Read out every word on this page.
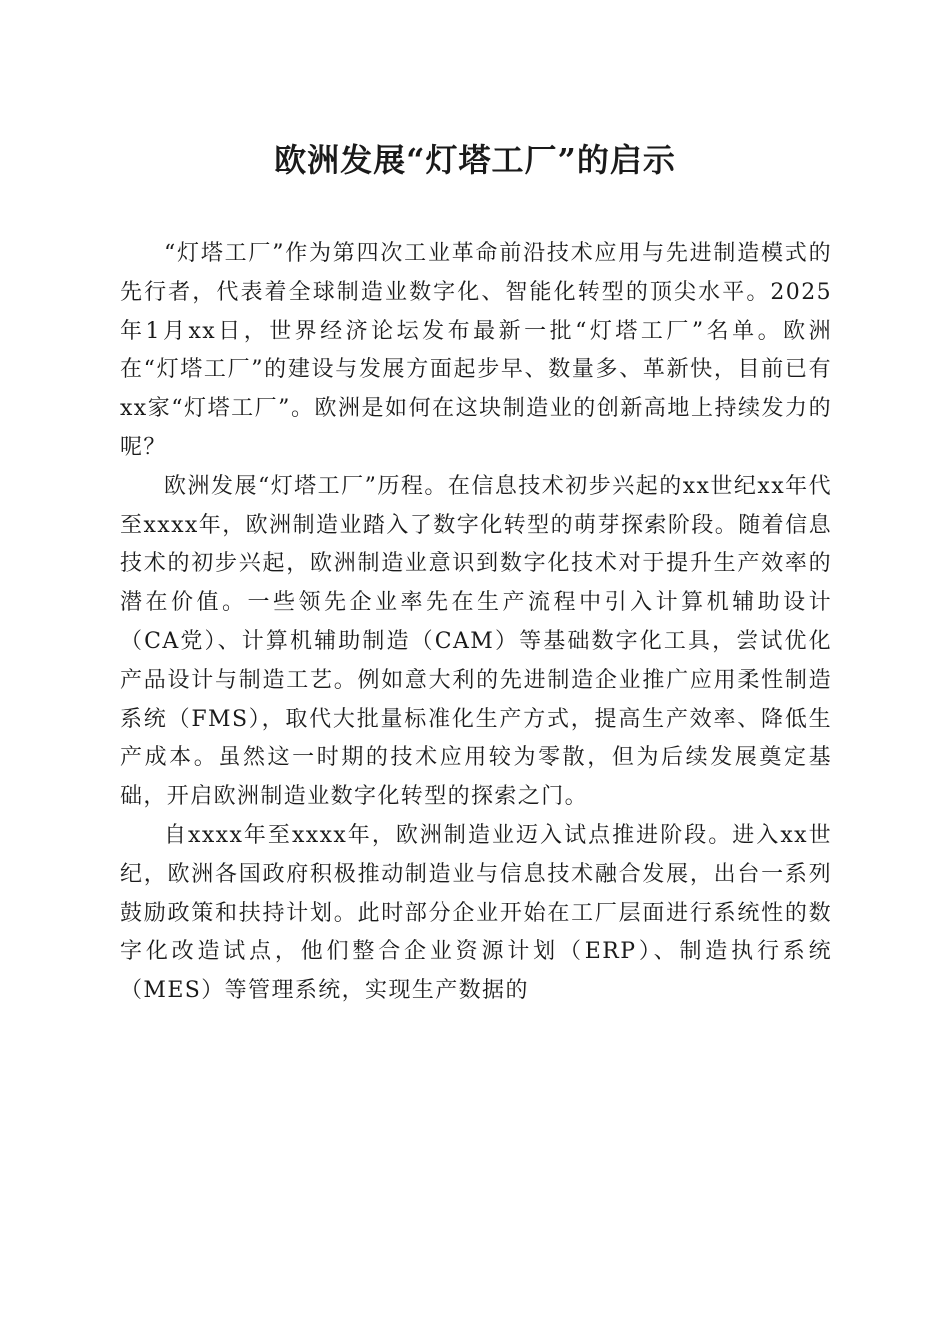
欧洲发展“灯塔工厂”的启示

“灯塔工厂”作为第四次工业革命前沿技术应用与先进制造模式的先行者，代表着全球制造业数字化、智能化转型的顶尖水平。2025年1月xx日，世界经济论坛发布最新一批“灯塔工厂”名单。欧洲在“灯塔工厂”的建设与发展方面起步早、数量多、革新快，目前已有xx家“灯塔工厂”。欧洲是如何在这块制造业的创新高地上持续发力的呢？

欧洲发展“灯塔工厂”历程。在信息技术初步兴起的xx世纪xx年代至xxxx年，欧洲制造业踏入了数字化转型的萌芽探索阶段。随着信息技术的初步兴起，欧洲制造业意识到数字化技术对于提升生产效率的潜在价值。一些领先企业率先在生产流程中引入计算机辅助设计（CA党）、计算机辅助制造（CAM）等基础数字化工具，尝试优化产品设计与制造工艺。例如意大利的先进制造企业推广应用柔性制造系统（FMS），取代大批量标准化生产方式，提高生产效率、降低生产成本。虽然这一时期的技术应用较为零散，但为后续发展奠定基础，开启欧洲制造业数字化转型的探索之门。

自xxxx年至xxxx年，欧洲制造业迈入试点推进阶段。进入xx世纪，欧洲各国政府积极推动制造业与信息技术融合发展，出台一系列鼓励政策和扶持计划。此时部分企业开始在工厂层面进行系统性的数字化改造试点，他们整合企业资源计划（ERP）、制造执行系统（MES）等管理系统，实现生产数据的
